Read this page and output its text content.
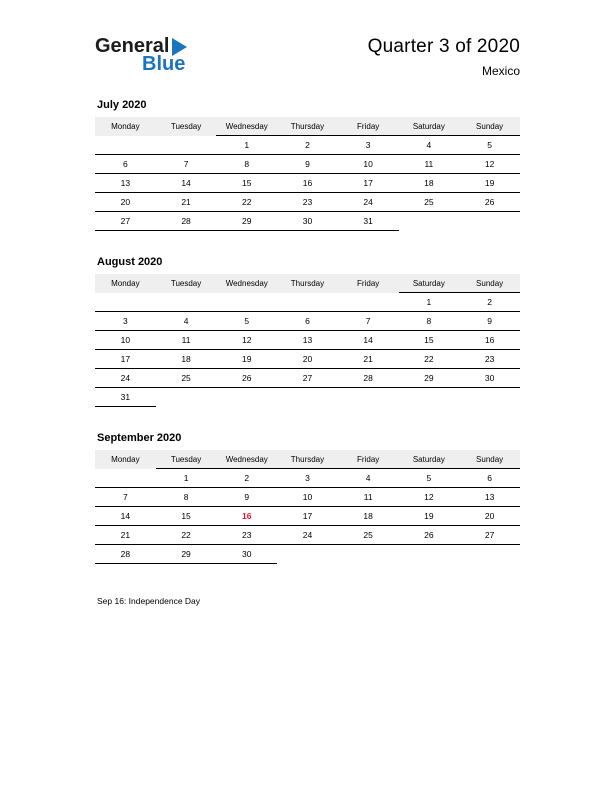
General
Blue
Quarter 3 of 2020
Mexico
July 2020
Monday	Tuesday	Wednesday	Thursday	Friday	Saturday	Sunday
		1	2	3	4	5
6	7	8	9	10	11	12
13	14	15	16	17	18	19
20	21	22	23	24	25	26
27	28	29	30	31		
August 2020
Monday	Tuesday	Wednesday	Thursday	Friday	Saturday	Sunday
					1	2
3	4	5	6	7	8	9
10	11	12	13	14	15	16
17	18	19	20	21	22	23
24	25	26	27	28	29	30
31						
September 2020
Monday	Tuesday	Wednesday	Thursday	Friday	Saturday	Sunday
	1	2	3	4	5	6
7	8	9	10	11	12	13
14	15	16	17	18	19	20
21	22	23	24	25	26	27
28	29	30				
Sep 16: Independence Day
